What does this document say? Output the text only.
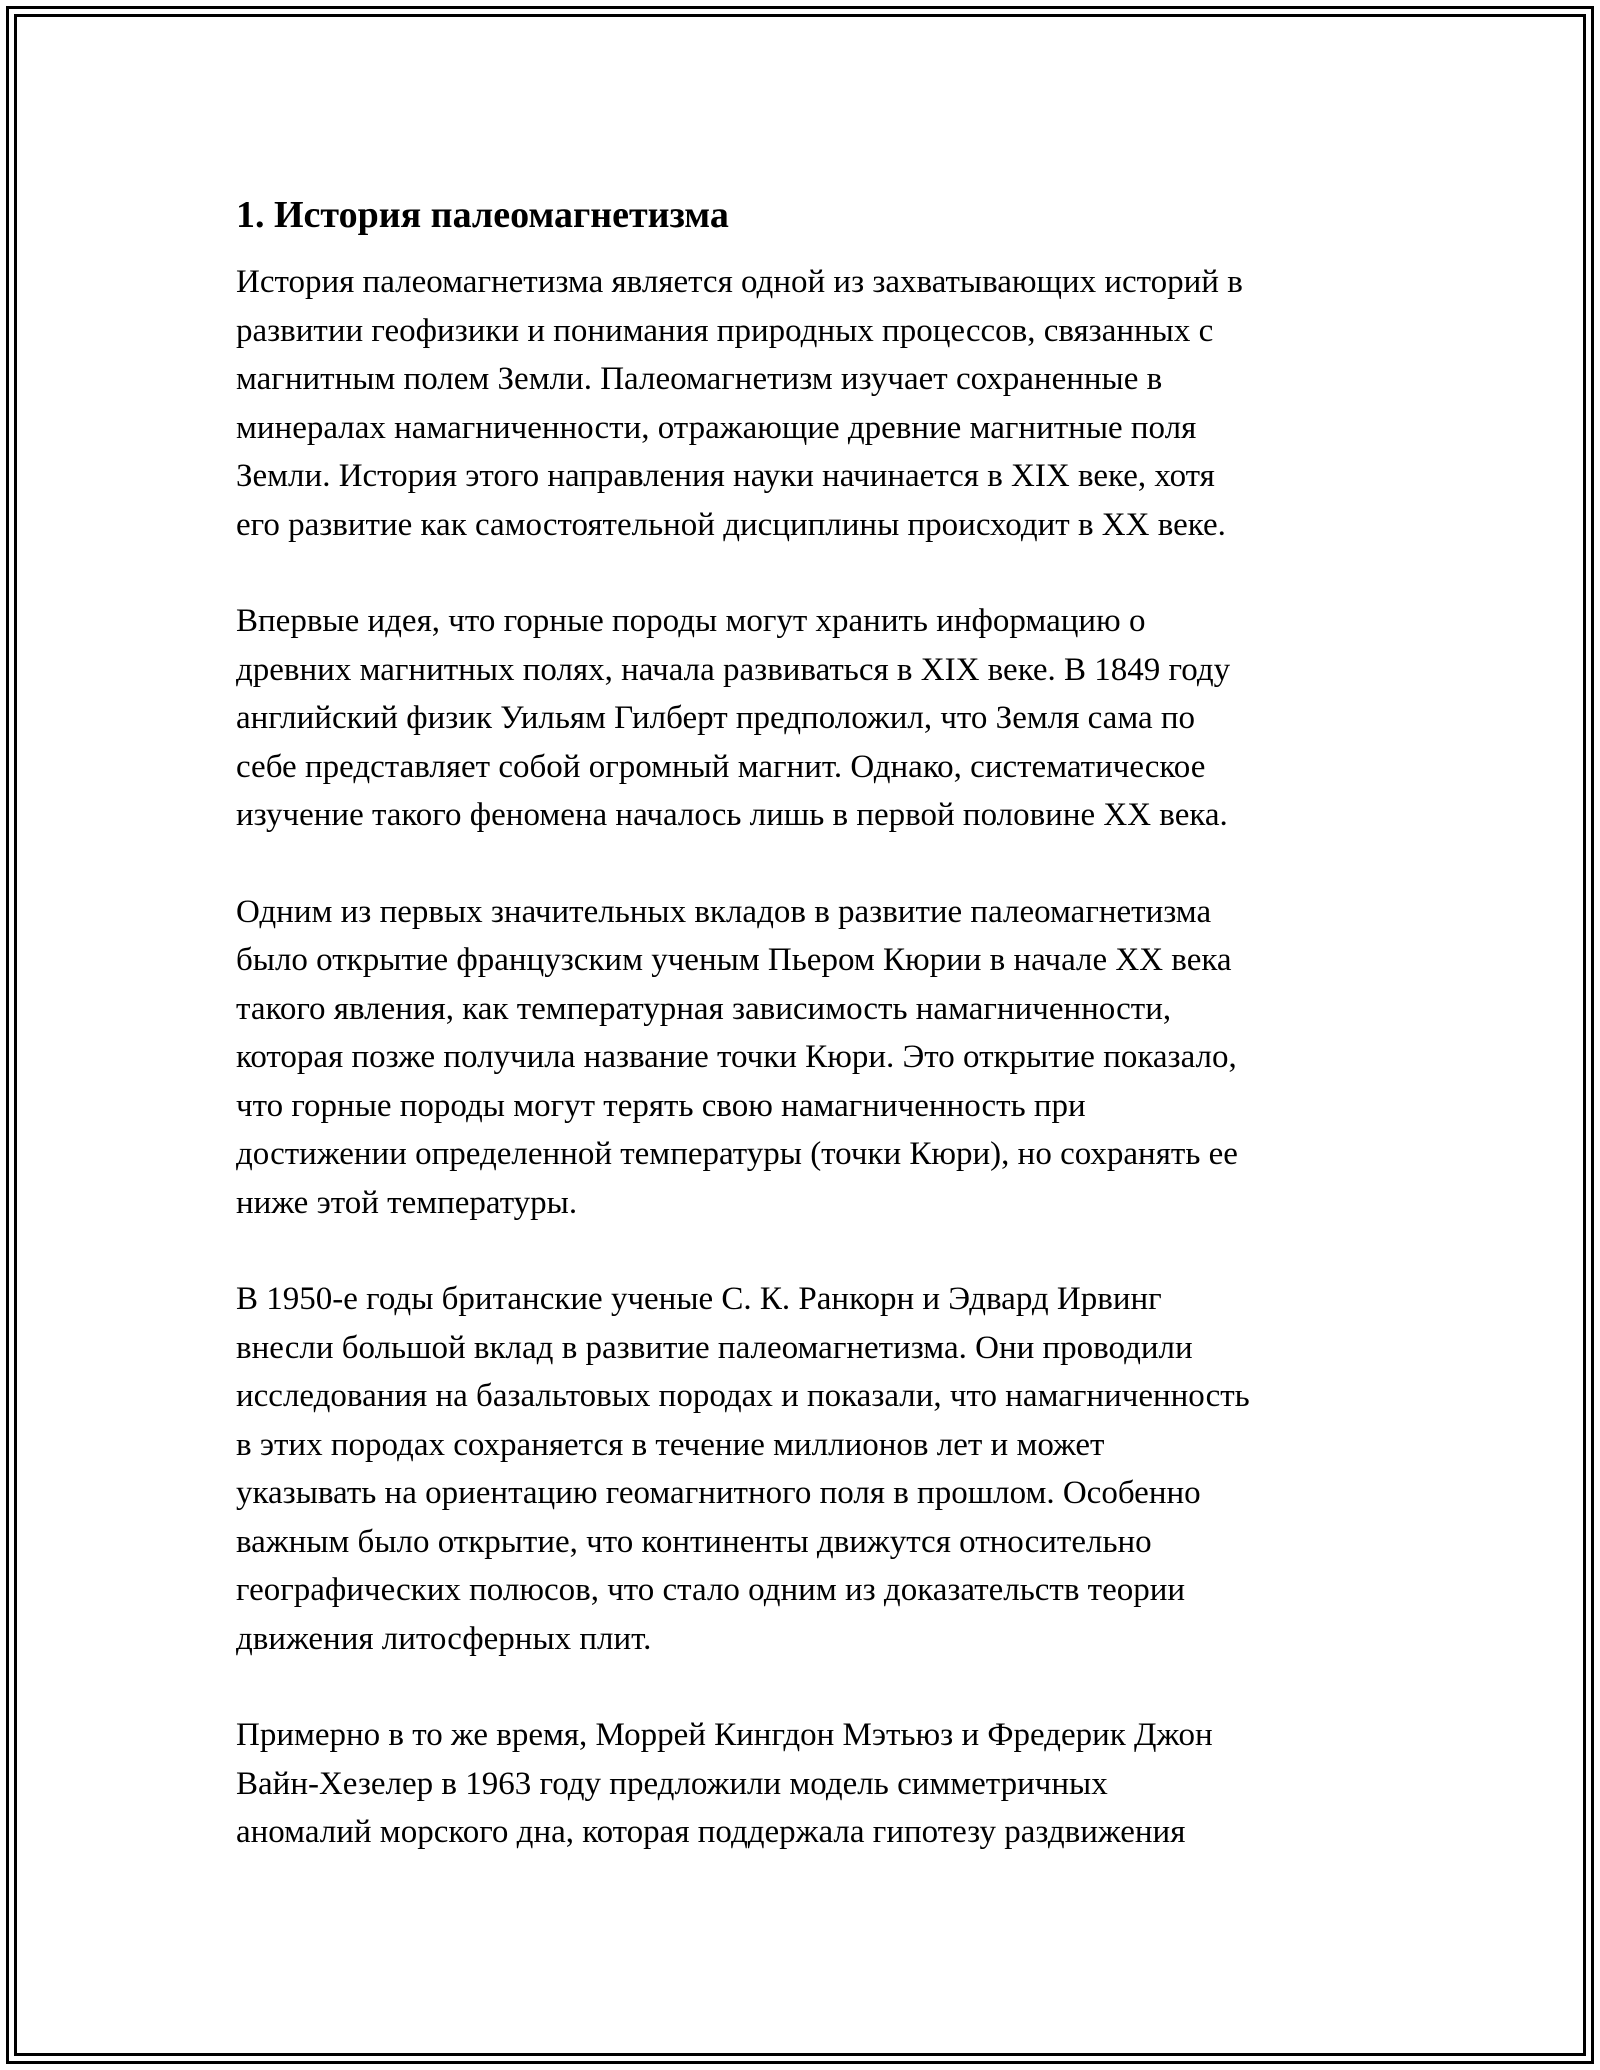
1. История палеомагнетизма
История палеомагнетизма является одной из захватывающих историй в
развитии геофизики и понимания природных процессов, связанных с
магнитным полем Земли. Палеомагнетизм изучает сохраненные в
минералах намагниченности, отражающие древние магнитные поля
Земли. История этого направления науки начинается в XIX веке, хотя
его развитие как самостоятельной дисциплины происходит в XX веке.
Впервые идея, что горные породы могут хранить информацию о
древних магнитных полях, начала развиваться в XIX веке. В 1849 году
английский физик Уильям Гилберт предположил, что Земля сама по
себе представляет собой огромный магнит. Однако, систематическое
изучение такого феномена началось лишь в первой половине XX века.
Одним из первых значительных вкладов в развитие палеомагнетизма
было открытие французским ученым Пьером Кюрии в начале XX века
такого явления, как температурная зависимость намагниченности,
которая позже получила название точки Кюри. Это открытие показало,
что горные породы могут терять свою намагниченность при
достижении определенной температуры (точки Кюри), но сохранять ее
ниже этой температуры.
В 1950-е годы британские ученые С. К. Ранкорн и Эдвард Ирвинг
внесли большой вклад в развитие палеомагнетизма. Они проводили
исследования на базальтовых породах и показали, что намагниченность
в этих породах сохраняется в течение миллионов лет и может
указывать на ориентацию геомагнитного поля в прошлом. Особенно
важным было открытие, что континенты движутся относительно
географических полюсов, что стало одним из доказательств теории
движения литосферных плит.
Примерно в то же время, Моррей Кингдон Мэтьюз и Фредерик Джон
Вайн-Хезелер в 1963 году предложили модель симметричных
аномалий морского дна, которая поддержала гипотезу раздвижения
